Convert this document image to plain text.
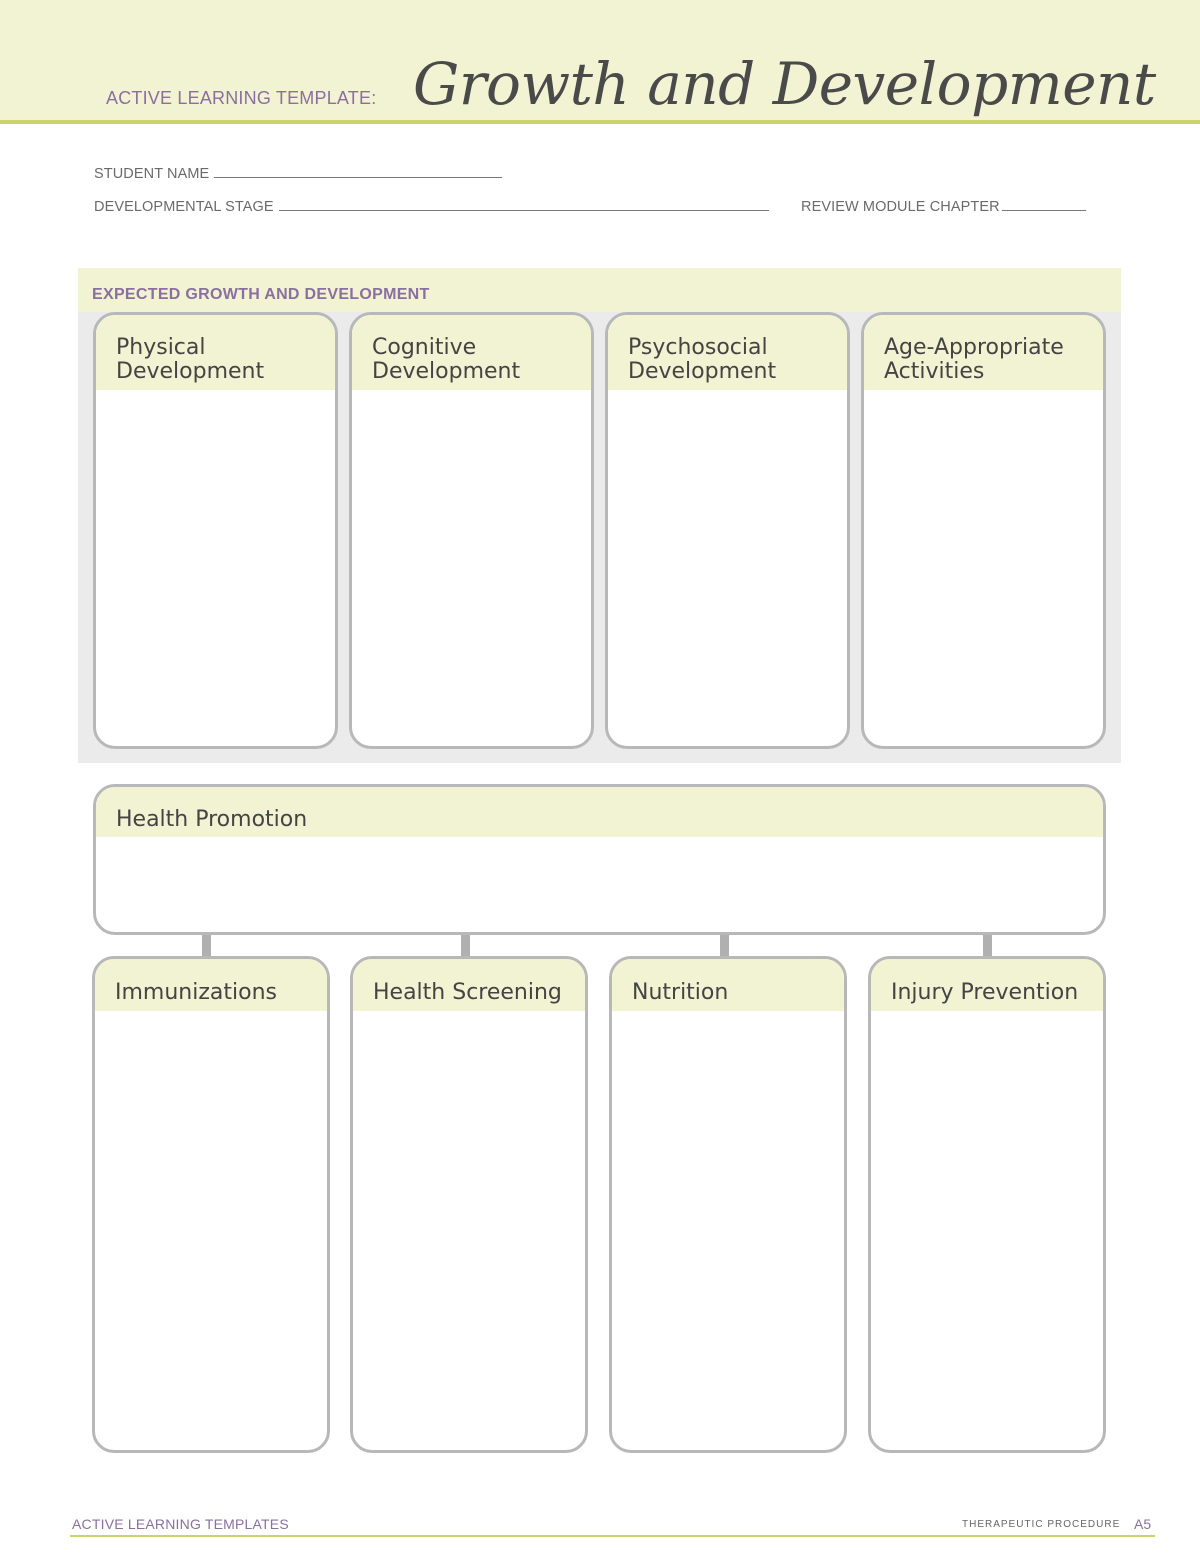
ACTIVE LEARNING TEMPLATE: Growth and Development
STUDENT NAME
DEVELOPMENTAL STAGE	REVIEW MODULE CHAPTER
EXPECTED GROWTH AND DEVELOPMENT
Physical
Development
Cognitive
Development
Psychosocial
Development
Age-Appropriate
Activities
Health Promotion
Immunizations	Health Screening	Nutrition	Injury Prevention
ACTIVE LEARNING TEMPLATES	THERAPEUTIC PROCEDURE A5
